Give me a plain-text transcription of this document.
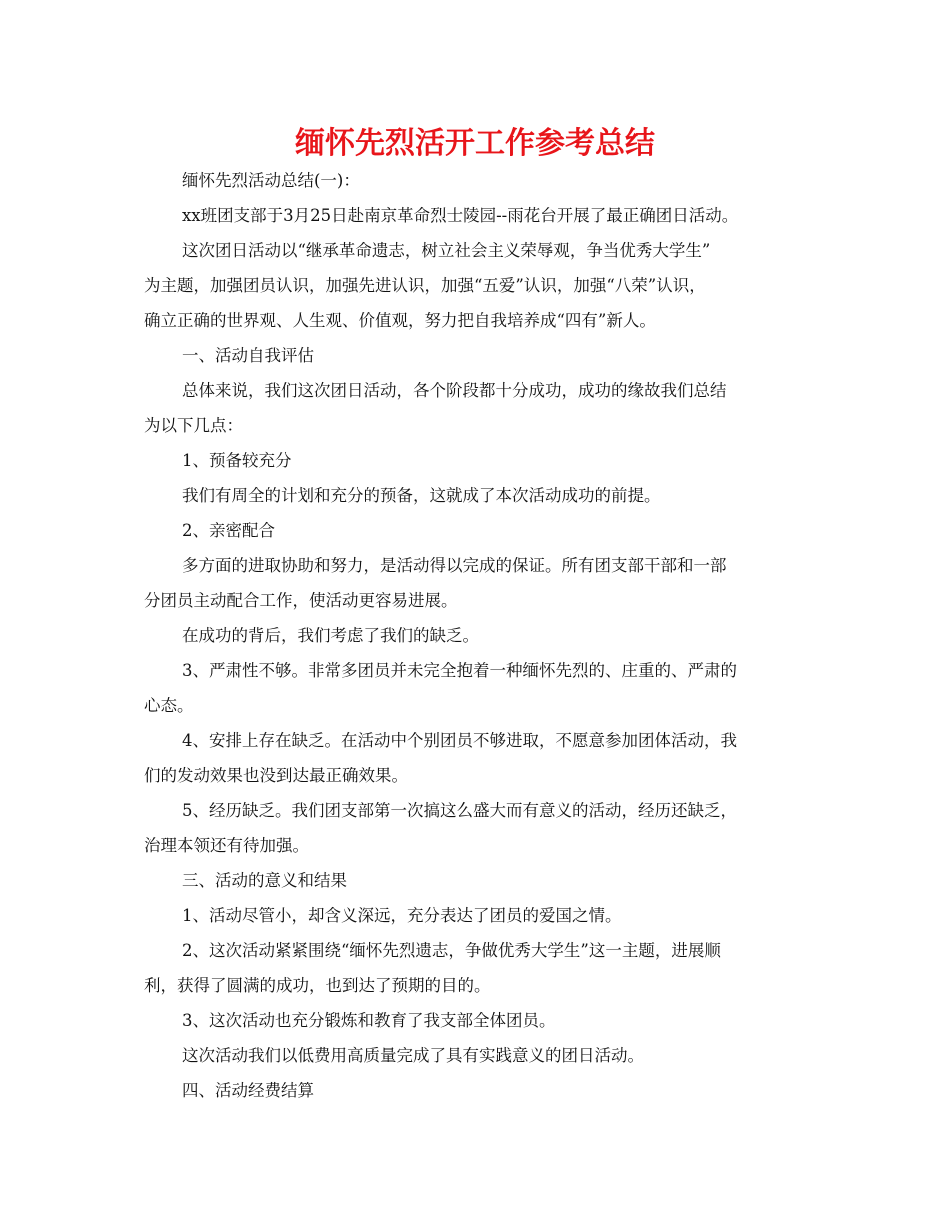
缅怀先烈活开工作参考总结
缅怀先烈活动总结(一)：
xx班团支部于3月25日赴南京革命烈士陵园--雨花台开展了最正确团日活动。
这次团日活动以“继承革命遗志，树立社会主义荣辱观，争当优秀大学生”
为主题，加强团员认识，加强先进认识，加强“五爱”认识，加强“八荣”认识，
确立正确的世界观、人生观、价值观，努力把自我培养成“四有”新人。
一、活动自我评估
总体来说，我们这次团日活动，各个阶段都十分成功，成功的缘故我们总结
为以下几点：
1、预备较充分
我们有周全的计划和充分的预备，这就成了本次活动成功的前提。
2、亲密配合
多方面的进取协助和努力，是活动得以完成的保证。所有团支部干部和一部
分团员主动配合工作，使活动更容易进展。
在成功的背后，我们考虑了我们的缺乏。
3、严肃性不够。非常多团员并未完全抱着一种缅怀先烈的、庄重的、严肃的
心态。
4、安排上存在缺乏。在活动中个别团员不够进取，不愿意参加团体活动，我
们的发动效果也没到达最正确效果。
5、经历缺乏。我们团支部第一次搞这么盛大而有意义的活动，经历还缺乏，
治理本领还有待加强。
三、活动的意义和结果
1、活动尽管小，却含义深远，充分表达了团员的爱国之情。
2、这次活动紧紧围绕“缅怀先烈遗志，争做优秀大学生”这一主题，进展顺
利，获得了圆满的成功，也到达了预期的目的。
3、这次活动也充分锻炼和教育了我支部全体团员。
这次活动我们以低费用高质量完成了具有实践意义的团日活动。
四、活动经费结算
